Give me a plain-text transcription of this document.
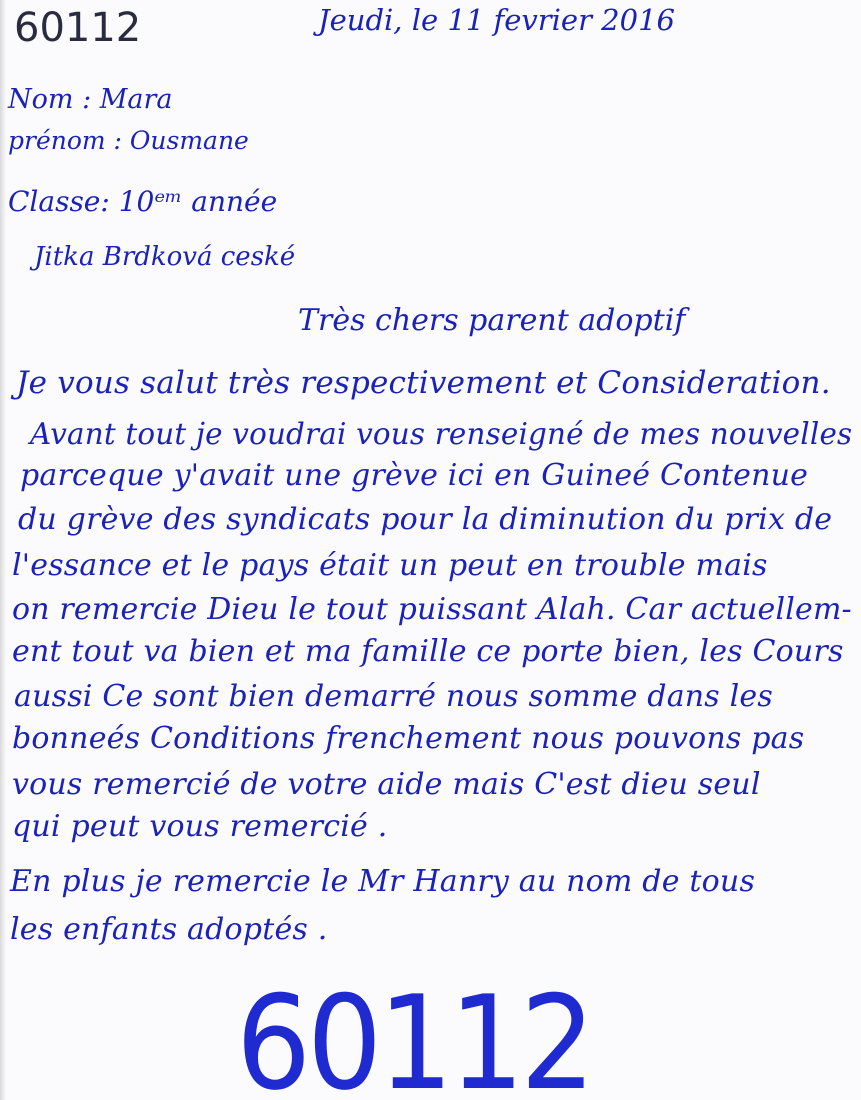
60112	Jeudi, le 11 fevrier 2016
Nom : Mara
prénom : Ousmane
Classe: 10ᵉᵐ année
Jitka Brdková ceské
Très chers parent adoptif
Je vous salut très respectivement et Consideration.
Avant tout je voudrai vous renseigné de mes nouvelles
parceque y'avait une grève ici en Guineé Contenue
du grève des syndicats pour la diminution du prix de
l'essance et le pays était un peut en trouble mais
on remercie Dieu le tout puissant Alah. Car actuellem-
ent tout va bien et ma famille ce porte bien, les Cours
aussi Ce sont bien demarré nous somme dans les
bonneés Conditions frenchement nous pouvons pas
vous remercié de votre aide mais C'est dieu seul
qui peut vous remercié .
En plus je remercie le Mr Hanry au nom de tous
les enfants adoptés .
60112
